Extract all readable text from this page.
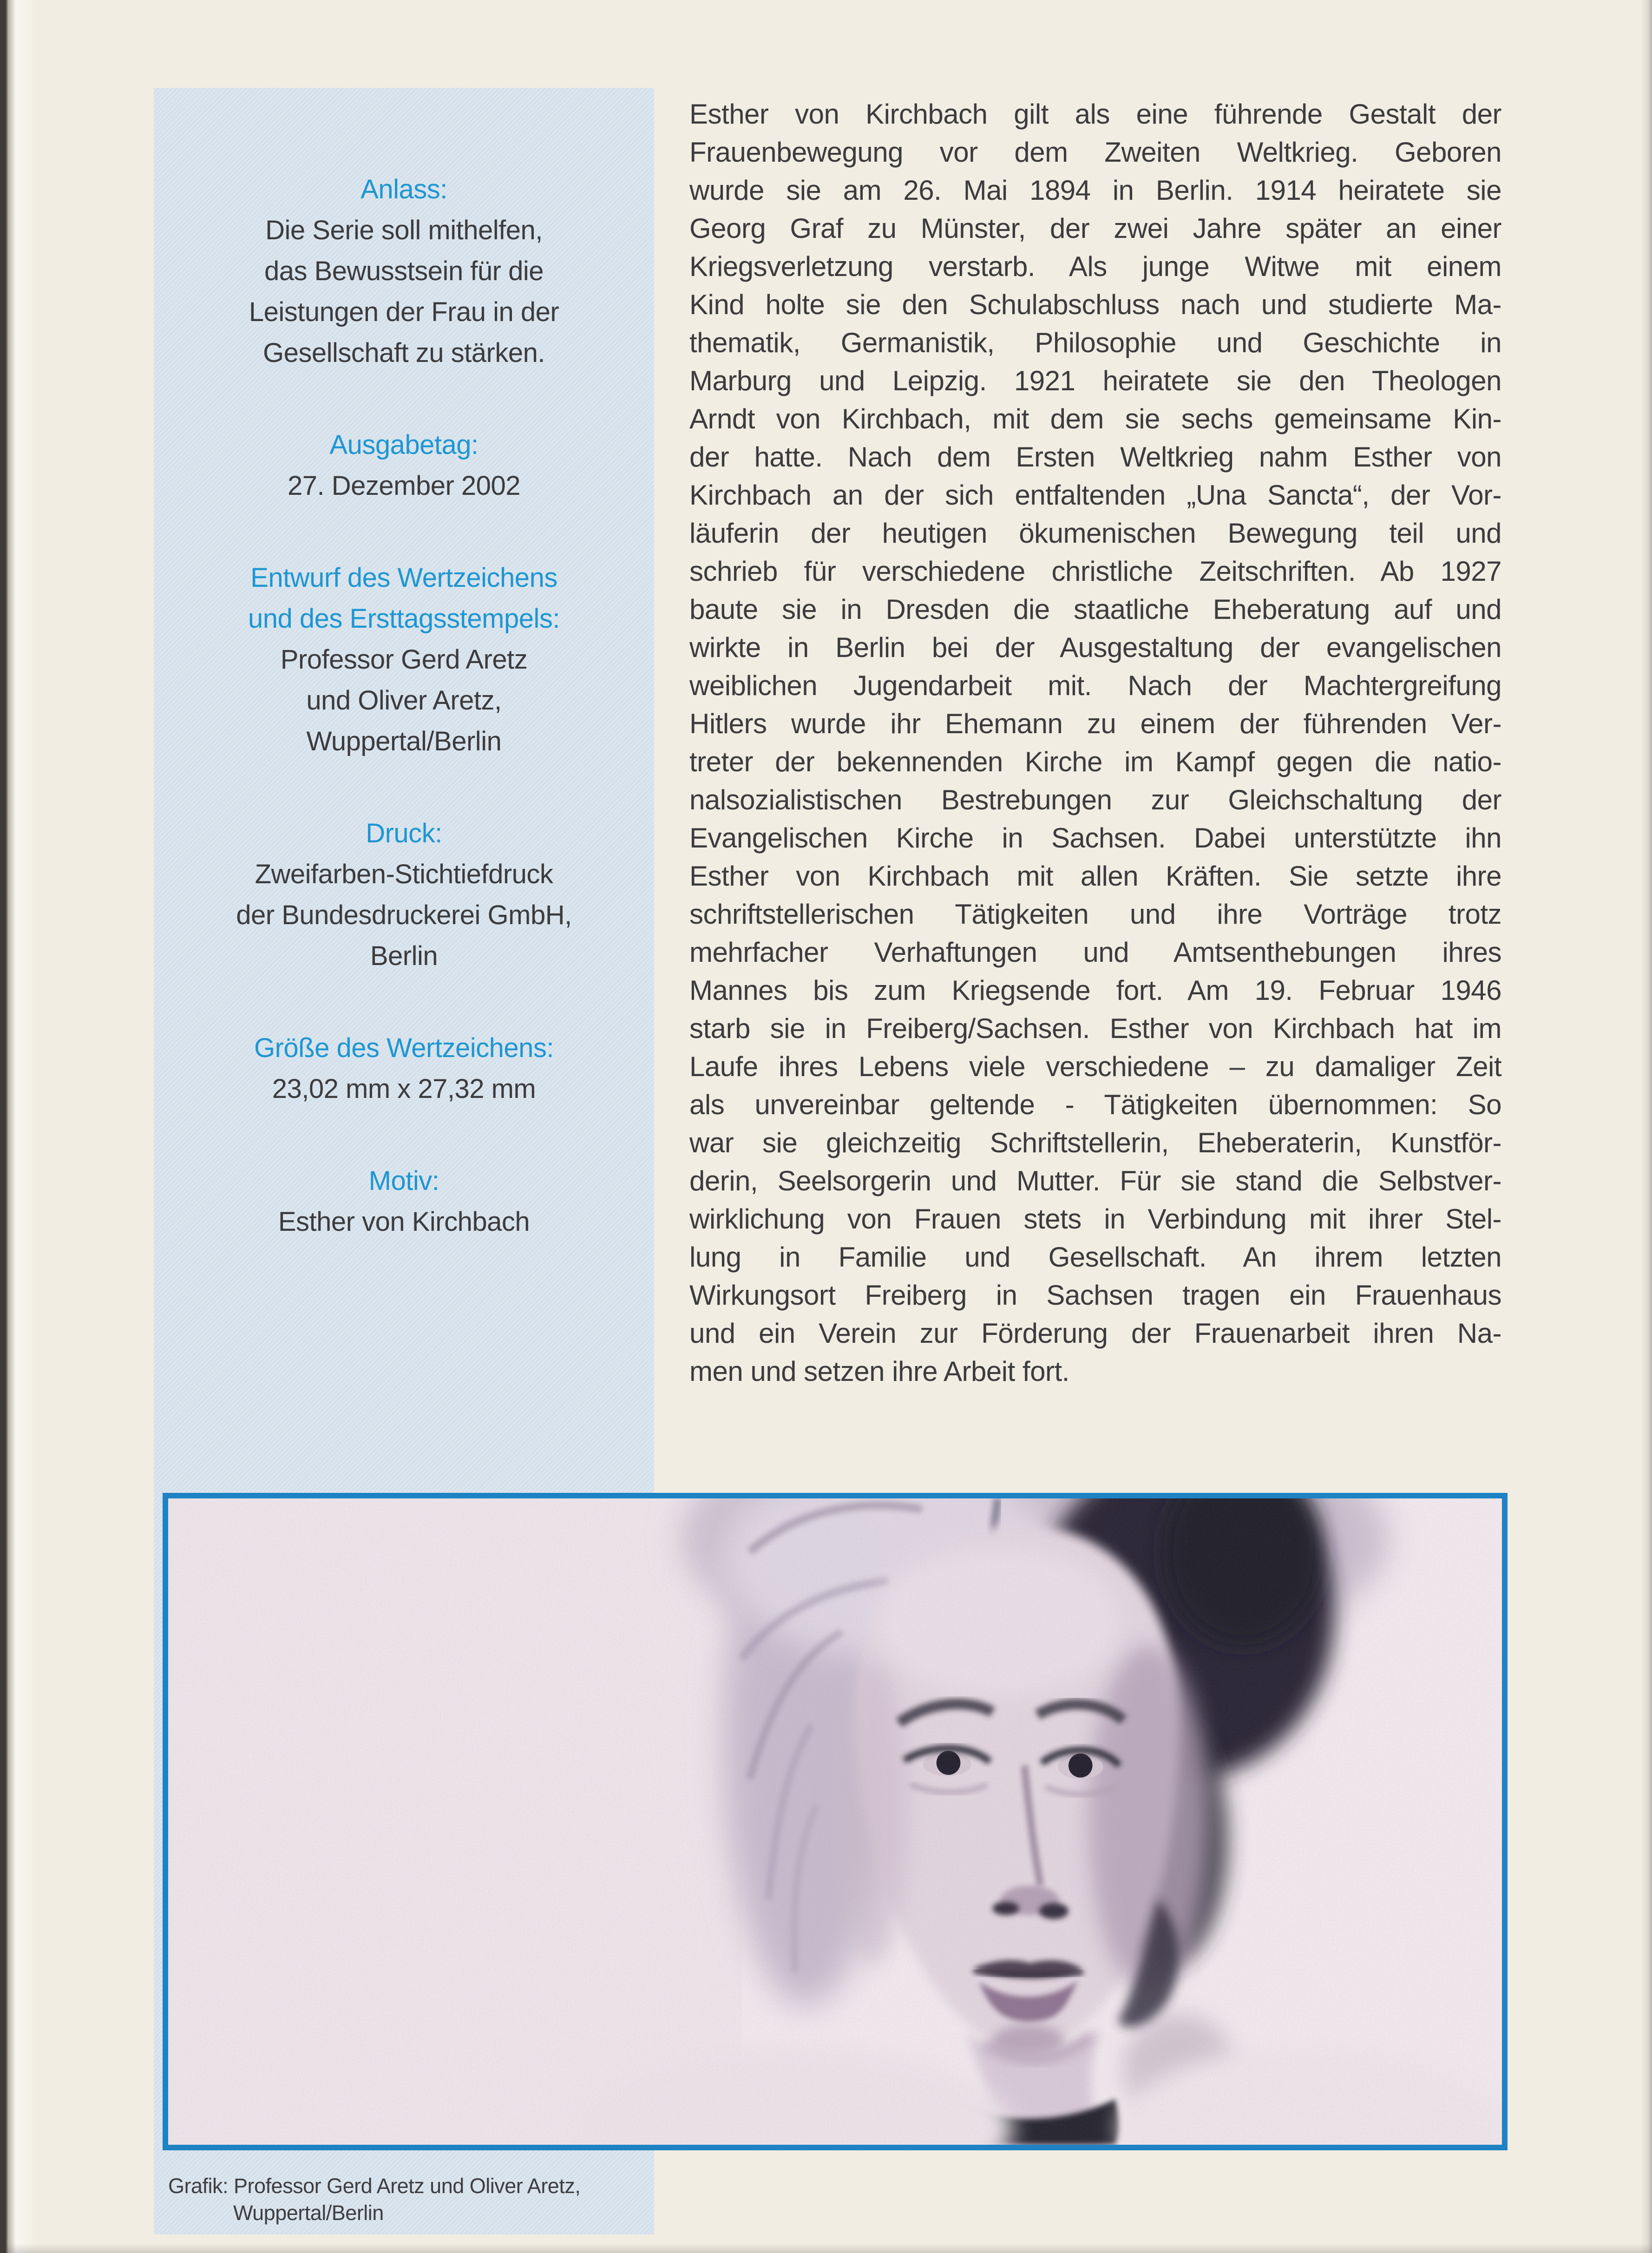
Anlass:
Die Serie soll mithelfen,
das Bewusstsein für die
Leistungen der Frau in der
Gesellschaft zu stärken.
Ausgabetag:
27. Dezember 2002
Entwurf des Wertzeichens
und des Ersttagsstempels:
Professor Gerd Aretz
und Oliver Aretz,
Wuppertal/Berlin
Druck:
Zweifarben-Stichtiefdruck
der Bundesdruckerei GmbH,
Berlin
Größe des Wertzeichens:
23,02 mm x 27,32 mm
Motiv:
Esther von Kirchbach
Esther von Kirchbach gilt als eine führende Gestalt der
Frauenbewegung vor dem Zweiten Weltkrieg. Geboren
wurde sie am 26. Mai 1894 in Berlin. 1914 heiratete sie
Georg Graf zu Münster, der zwei Jahre später an einer
Kriegsverletzung verstarb. Als junge Witwe mit einem
Kind holte sie den Schulabschluss nach und studierte Ma-
thematik, Germanistik, Philosophie und Geschichte in
Marburg und Leipzig. 1921 heiratete sie den Theologen
Arndt von Kirchbach, mit dem sie sechs gemeinsame Kin-
der hatte. Nach dem Ersten Weltkrieg nahm Esther von
Kirchbach an der sich entfaltenden „Una Sancta“, der Vor-
läuferin der heutigen ökumenischen Bewegung teil und
schrieb für verschiedene christliche Zeitschriften. Ab 1927
baute sie in Dresden die staatliche Eheberatung auf und
wirkte in Berlin bei der Ausgestaltung der evangelischen
weiblichen Jugendarbeit mit. Nach der Machtergreifung
Hitlers wurde ihr Ehemann zu einem der führenden Ver-
treter der bekennenden Kirche im Kampf gegen die natio-
nalsozialistischen Bestrebungen zur Gleichschaltung der
Evangelischen Kirche in Sachsen. Dabei unterstützte ihn
Esther von Kirchbach mit allen Kräften. Sie setzte ihre
schriftstellerischen Tätigkeiten und ihre Vorträge trotz
mehrfacher Verhaftungen und Amtsenthebungen ihres
Mannes bis zum Kriegsende fort. Am 19. Februar 1946
starb sie in Freiberg/Sachsen. Esther von Kirchbach hat im
Laufe ihres Lebens viele verschiedene – zu damaliger Zeit
als unvereinbar geltende - Tätigkeiten übernommen: So
war sie gleichzeitig Schriftstellerin, Eheberaterin, Kunstför-
derin, Seelsorgerin und Mutter. Für sie stand die Selbstver-
wirklichung von Frauen stets in Verbindung mit ihrer Stel-
lung in Familie und Gesellschaft. An ihrem letzten
Wirkungsort Freiberg in Sachsen tragen ein Frauenhaus
und ein Verein zur Förderung der Frauenarbeit ihren Na-
men und setzen ihre Arbeit fort.
Grafik: Professor Gerd Aretz und Oliver Aretz,
Wuppertal/Berlin
